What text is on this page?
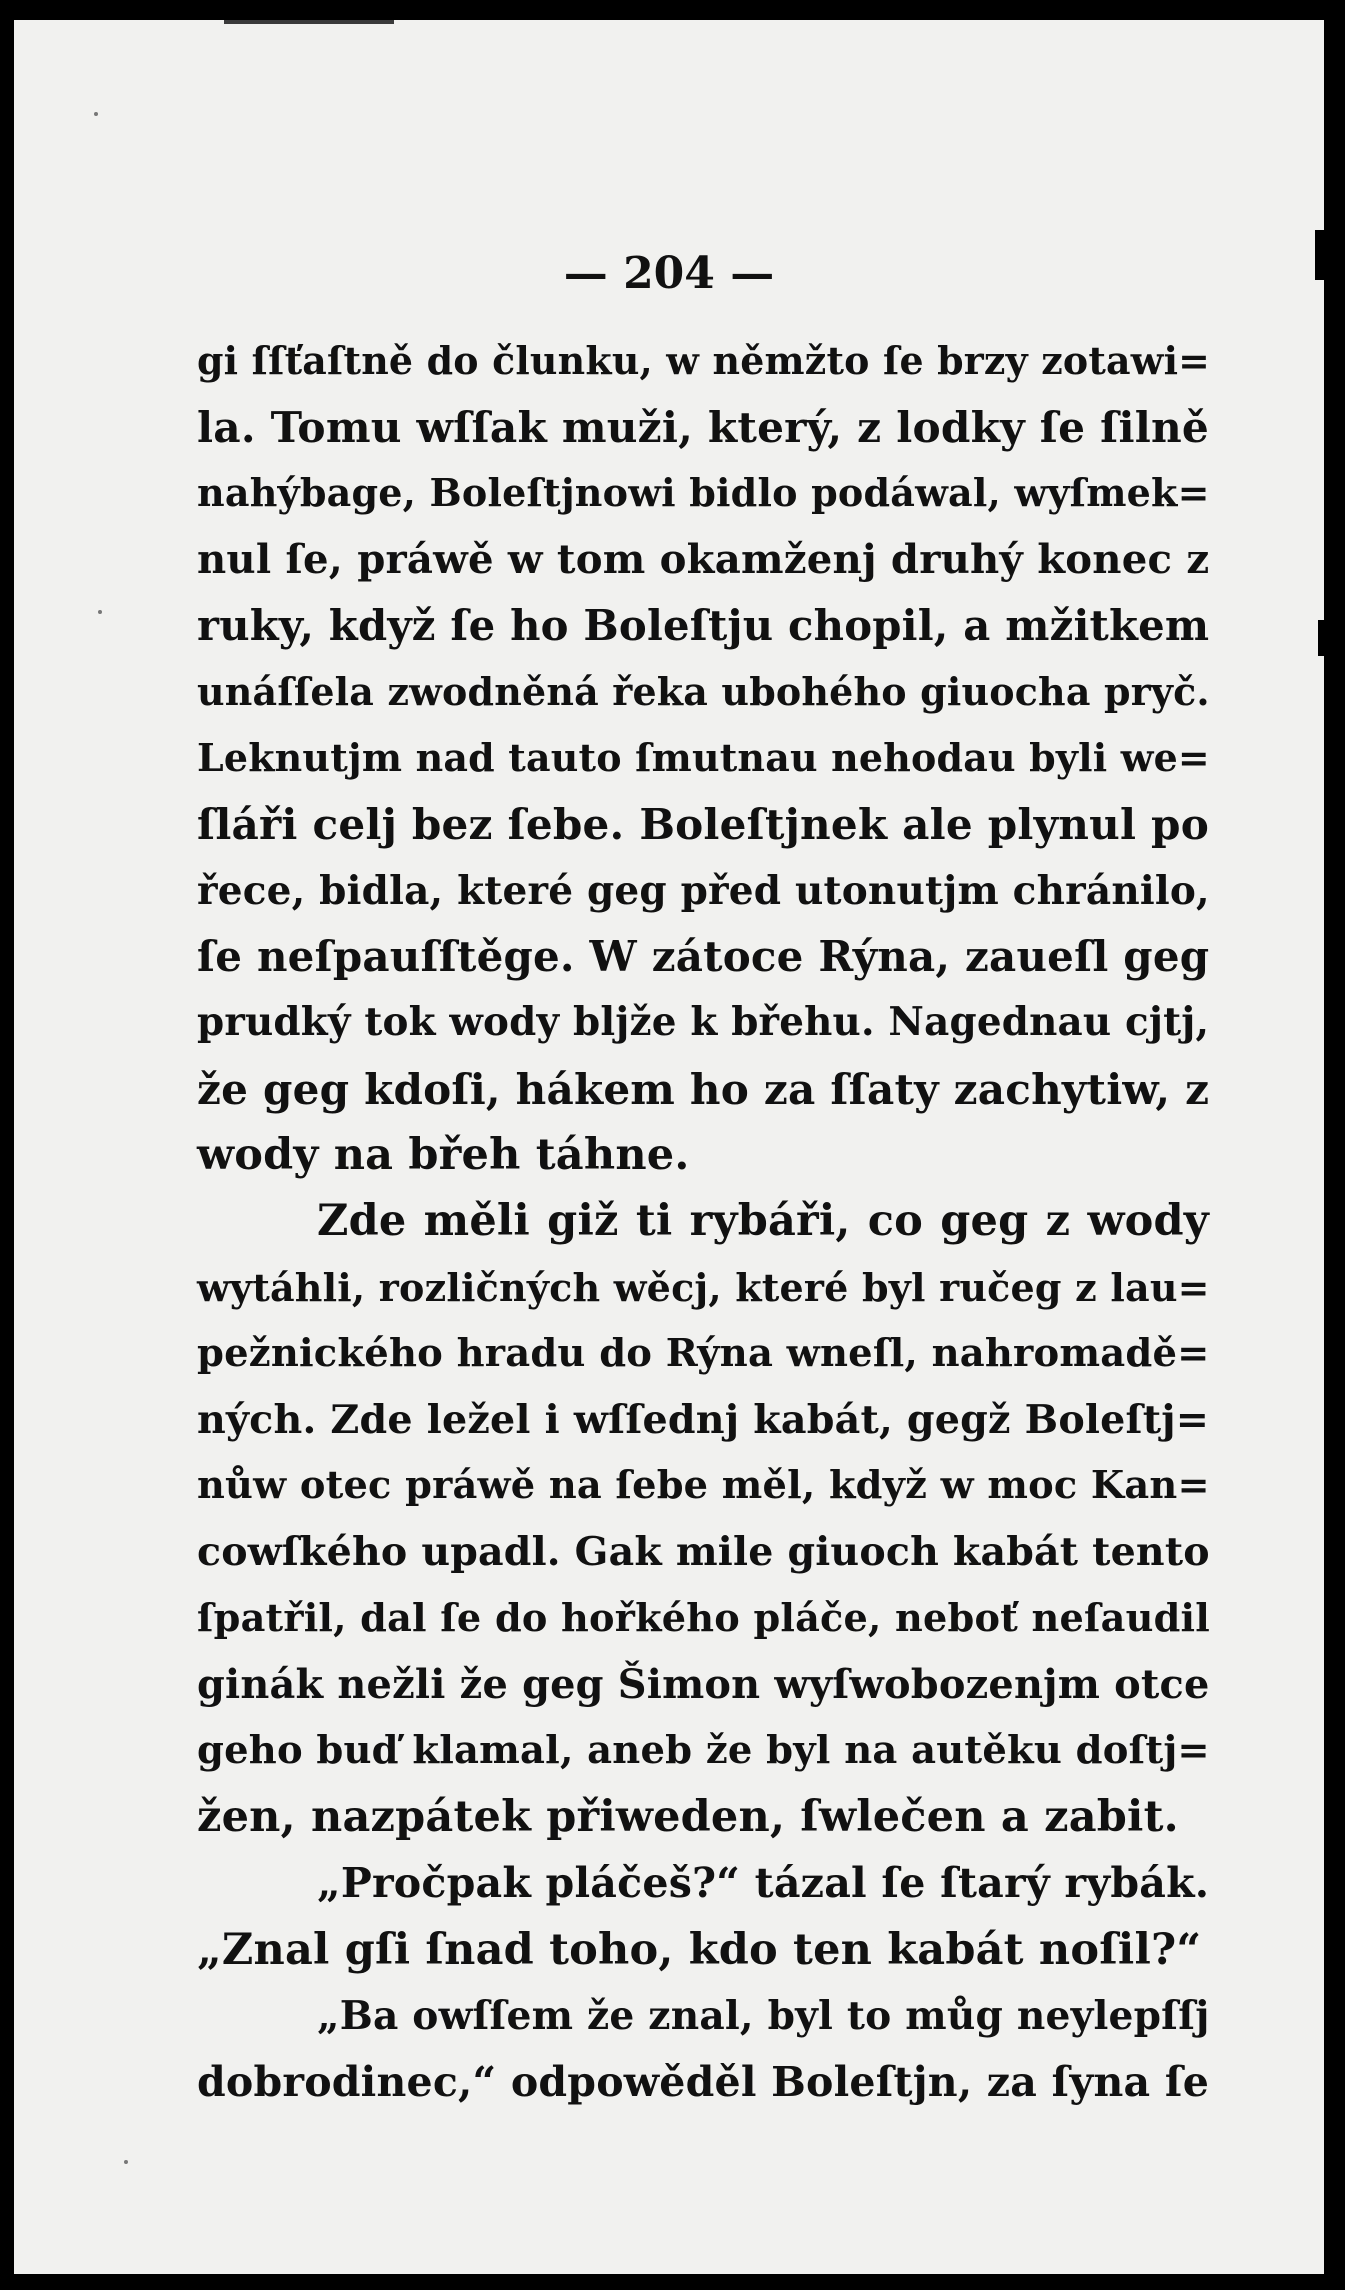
— 204 —
gi ſſťaſtně do člunku, w němžto ſe brzy zotawi=
la. Tomu wſſak muži, který, z lodky ſe ſilně
nahýbage, Boleſtjnowi bidlo podáwal, wyſmek=
nul ſe, práwě w tom okamženj druhý konec z
ruky, když ſe ho Boleſtju chopil, a mžitkem
unáſſela zwodněná řeka ubohého giuocha pryč.
Leknutjm nad tauto ſmutnau nehodau byli we=
ſláři celj bez ſebe. Boleſtjnek ale plynul po
řece, bidla, které geg před utonutjm chránilo,
ſe neſpauſſtěge. W zátoce Rýna, zaueſl geg
prudký tok wody bljže k břehu. Nagednau cjtj,
že geg kdoſi, hákem ho za ſſaty zachytiw, z
wody na břeh táhne.
Zde měli giž ti rybáři, co geg z wody
wytáhli, rozličných wěcj, které byl ručeg z lau=
pežnického hradu do Rýna wneſl, nahromadě=
ných. Zde ležel i wſſednj kabát, gegž Boleſtj=
nůw otec práwě na ſebe měl, když w moc Kan=
cowſkého upadl. Gak mile giuoch kabát tento
ſpatřil, dal ſe do hořkého pláče, neboť neſaudil
ginák nežli že geg Šimon wyſwobozenjm otce
geho buď klamal, aneb že byl na autěku doſtj=
žen, nazpátek přiweden, ſwlečen a zabit.
„Pročpak pláčeš?“ tázal ſe ſtarý rybák.
„Znal gſi ſnad toho, kdo ten kabát noſil?“
„Ba owſſem že znal, byl to můg neylepſſj
dobrodinec,“ odpowěděl Boleſtjn, za ſyna ſe
